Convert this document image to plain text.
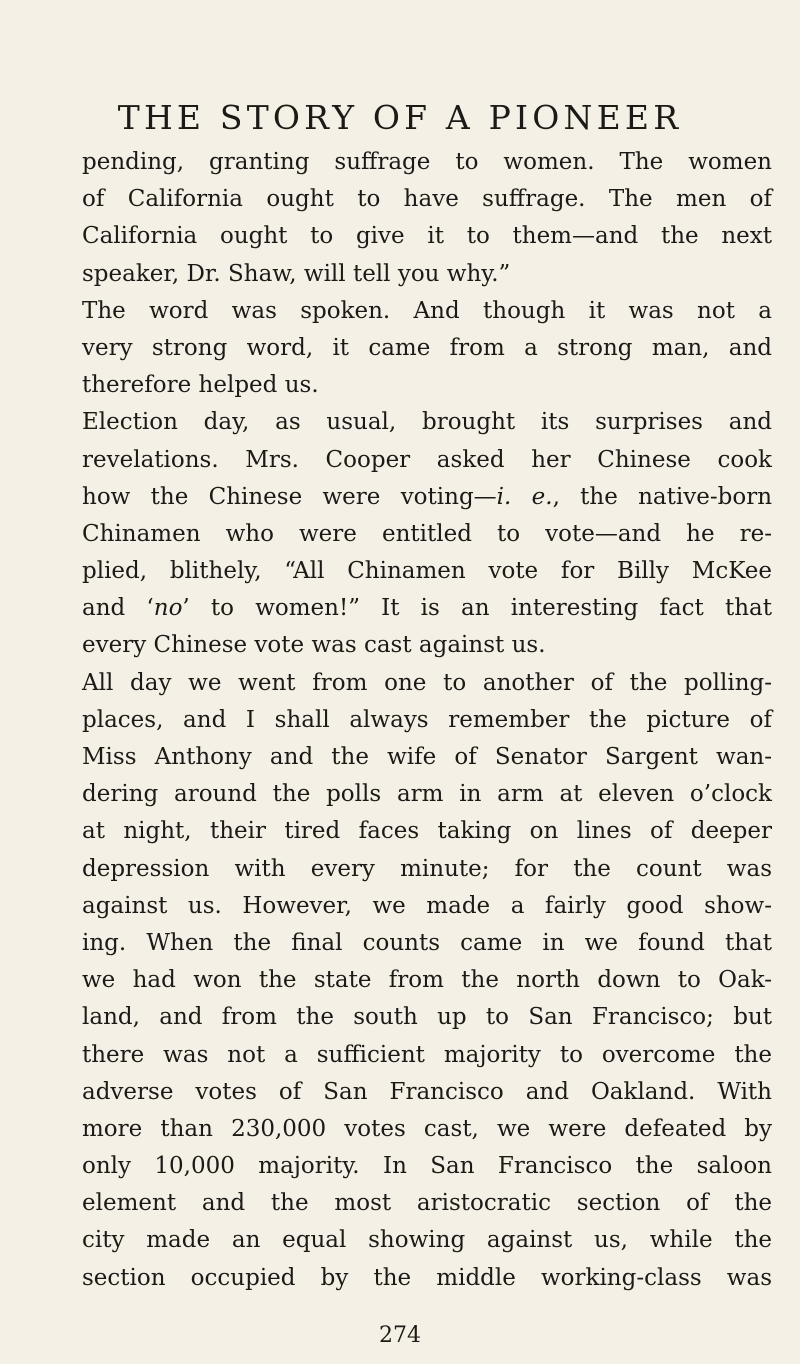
THE STORY OF A PIONEER
pending, granting suffrage to women. The women
of California ought to have suffrage. The men of
California ought to give it to them—and the next
speaker, Dr. Shaw, will tell you why.”
The word was spoken. And though it was not a
very strong word, it came from a strong man, and
therefore helped us.
Election day, as usual, brought its surprises and
revelations. Mrs. Cooper asked her Chinese cook
how the Chinese were voting—i. e., the native-born
Chinamen who were entitled to vote—and he re-
plied, blithely, “All Chinamen vote for Billy McKee
and ‘no’ to women!” It is an interesting fact that
every Chinese vote was cast against us.
All day we went from one to another of the polling-
places, and I shall always remember the picture of
Miss Anthony and the wife of Senator Sargent wan-
dering around the polls arm in arm at eleven o’clock
at night, their tired faces taking on lines of deeper
depression with every minute; for the count was
against us. However, we made a fairly good show-
ing. When the final counts came in we found that
we had won the state from the north down to Oak-
land, and from the south up to San Francisco; but
there was not a sufficient majority to overcome the
adverse votes of San Francisco and Oakland. With
more than 230,000 votes cast, we were defeated by
only 10,000 majority. In San Francisco the saloon
element and the most aristocratic section of the
city made an equal showing against us, while the
section occupied by the middle working-class was
274
